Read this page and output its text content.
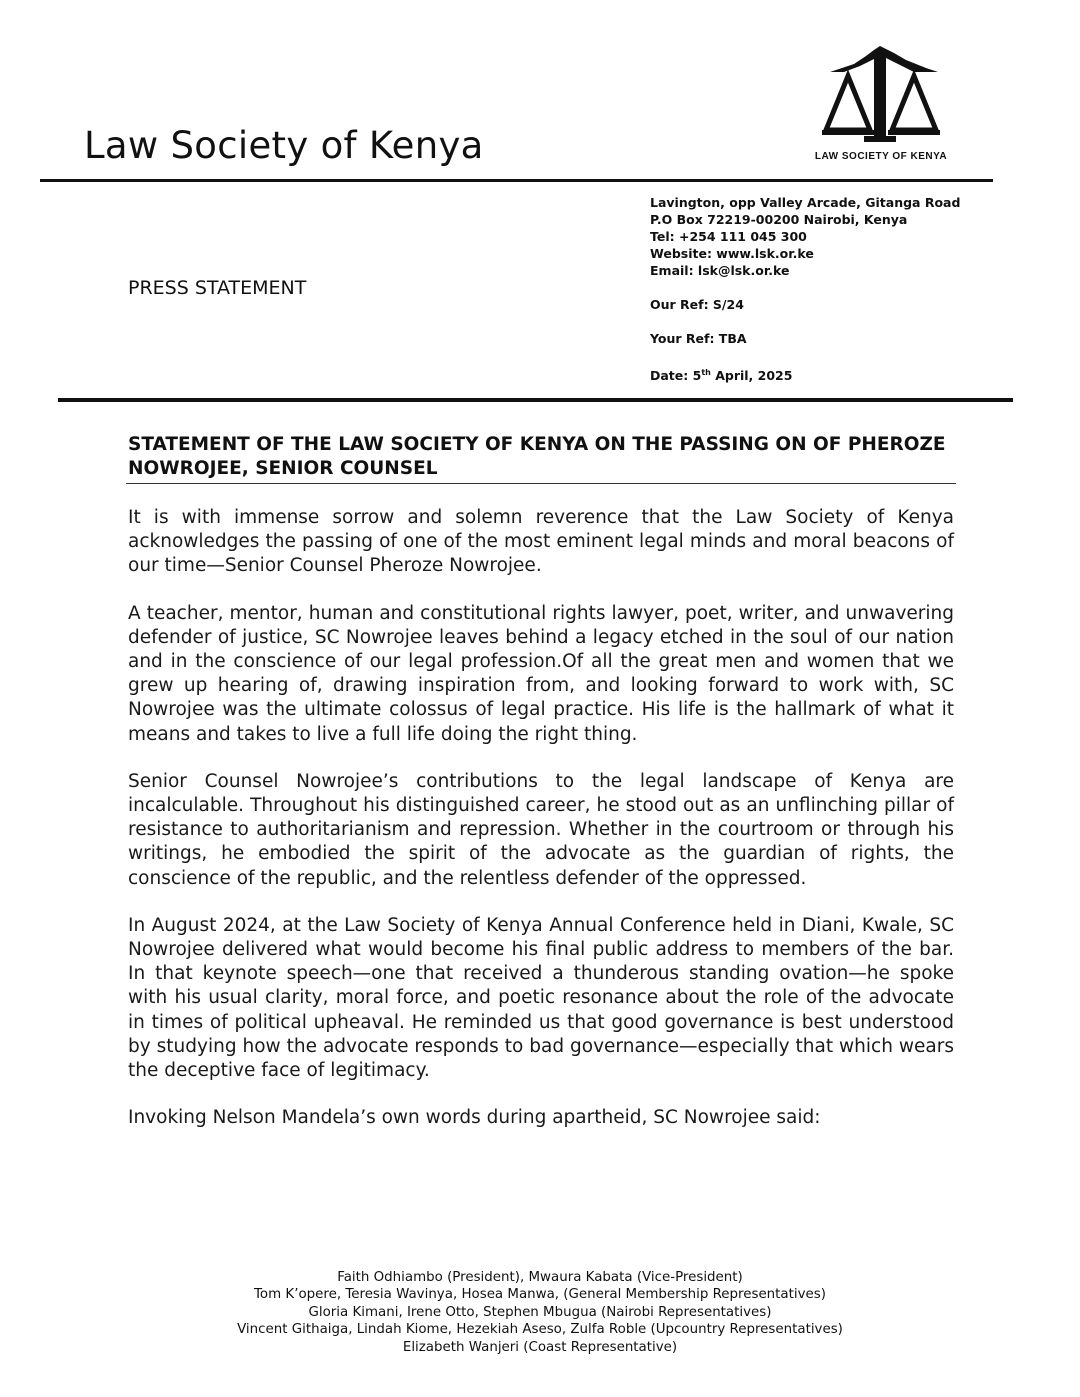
Law Society of Kenya	LAW SOCIETY OF KENYA
PRESS STATEMENT
Lavington, opp Valley Arcade, Gitanga Road
P.O Box 72219-00200 Nairobi, Kenya
Tel: +254 111 045 300
Website: www.lsk.or.ke
Email: lsk@lsk.or.ke
Our Ref: S/24
Your Ref: TBA
Date: 5th April, 2025
STATEMENT OF THE LAW SOCIETY OF KENYA ON THE PASSING ON OF PHEROZE NOWROJEE, SENIOR COUNSEL

It is with immense sorrow and solemn reverence that the Law Society of Kenya acknowledges the passing of one of the most eminent legal minds and moral beacons of our time—Senior Counsel Pheroze Nowrojee.

A teacher, mentor, human and constitutional rights lawyer, poet, writer, and unwavering defender of justice, SC Nowrojee leaves behind a legacy etched in the soul of our nation and in the conscience of our legal profession.Of all the great men and women that we grew up hearing of, drawing inspiration from, and looking forward to work with, SC Nowrojee was the ultimate colossus of legal practice. His life is the hallmark of what it means and takes to live a full life doing the right thing.

Senior Counsel Nowrojee’s contributions to the legal landscape of Kenya are incalculable. Throughout his distinguished career, he stood out as an unflinching pillar of resistance to authoritarianism and repression. Whether in the courtroom or through his writings, he embodied the spirit of the advocate as the guardian of rights, the conscience of the republic, and the relentless defender of the oppressed.

In August 2024, at the Law Society of Kenya Annual Conference held in Diani, Kwale, SC Nowrojee delivered what would become his final public address to members of the bar. In that keynote speech—one that received a thunderous standing ovation—he spoke with his usual clarity, moral force, and poetic resonance about the role of the advocate in times of political upheaval. He reminded us that good governance is best understood by studying how the advocate responds to bad governance—especially that which wears the deceptive face of legitimacy.

Invoking Nelson Mandela’s own words during apartheid, SC Nowrojee said:

Faith Odhiambo (President), Mwaura Kabata (Vice-President)
Tom K’opere, Teresia Wavinya, Hosea Manwa, (General Membership Representatives)
Gloria Kimani, Irene Otto, Stephen Mbugua (Nairobi Representatives)
Vincent Githaiga, Lindah Kiome, Hezekiah Aseso, Zulfa Roble (Upcountry Representatives)
Elizabeth Wanjeri (Coast Representative)
